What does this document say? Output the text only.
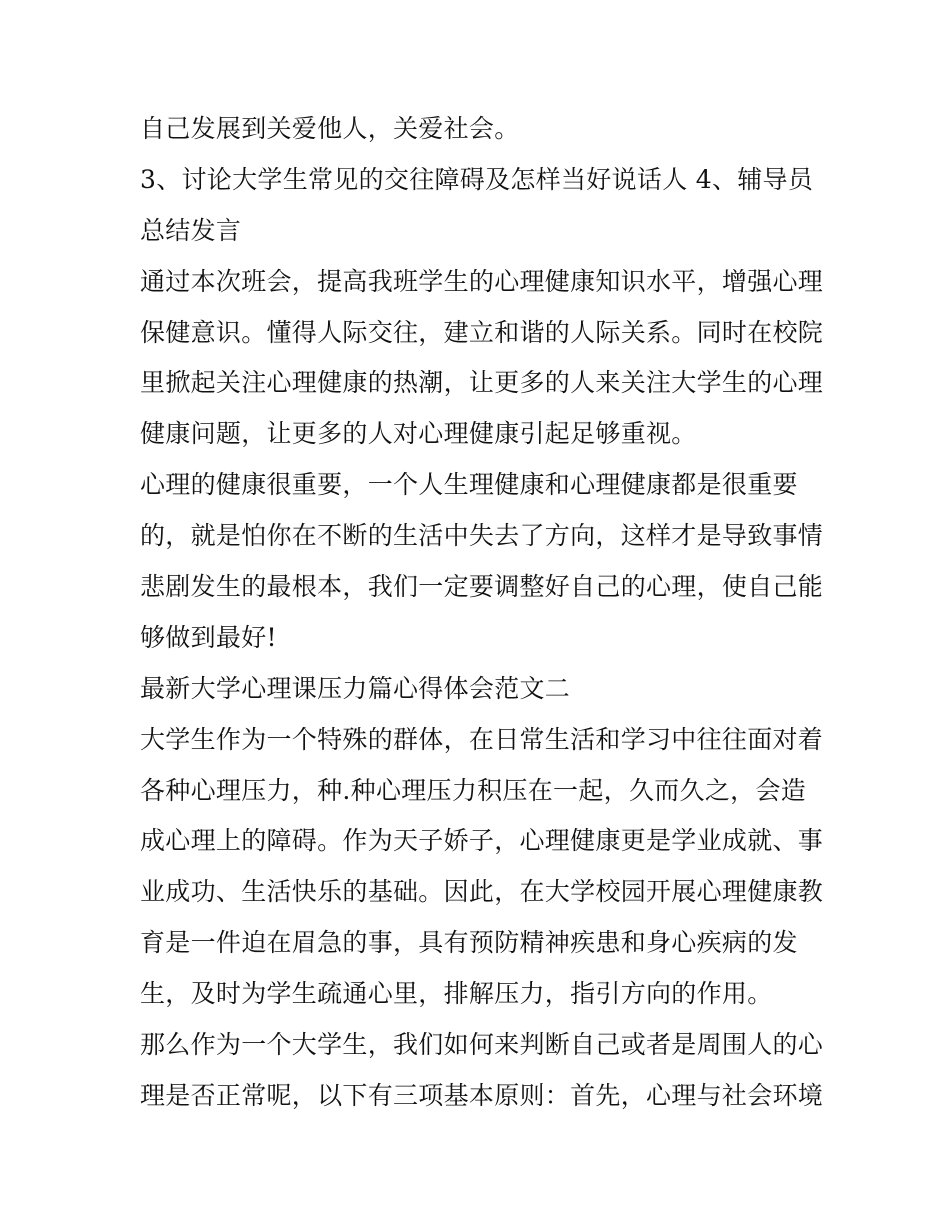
自己发展到关爱他人，关爱社会。
3、讨论大学生常见的交往障碍及怎样当好说话人 4、辅导员
总结发言
通过本次班会，提高我班学生的心理健康知识水平，增强心理
保健意识。懂得人际交往，建立和谐的人际关系。同时在校院
里掀起关注心理健康的热潮，让更多的人来关注大学生的心理
健康问题，让更多的人对心理健康引起足够重视。
心理的健康很重要，一个人生理健康和心理健康都是很重要
的，就是怕你在不断的生活中失去了方向，这样才是导致事情
悲剧发生的最根本，我们一定要调整好自己的心理，使自己能
够做到最好!
最新大学心理课压力篇心得体会范文二
大学生作为一个特殊的群体，在日常生活和学习中往往面对着
各种心理压力，种.种心理压力积压在一起，久而久之，会造
成心理上的障碍。作为天子娇子，心理健康更是学业成就、事
业成功、生活快乐的基础。因此，在大学校园开展心理健康教
育是一件迫在眉急的事，具有预防精神疾患和身心疾病的发
生，及时为学生疏通心里，排解压力，指引方向的作用。
那么作为一个大学生，我们如何来判断自己或者是周围人的心
理是否正常呢，以下有三项基本原则：首先，心理与社会环境
